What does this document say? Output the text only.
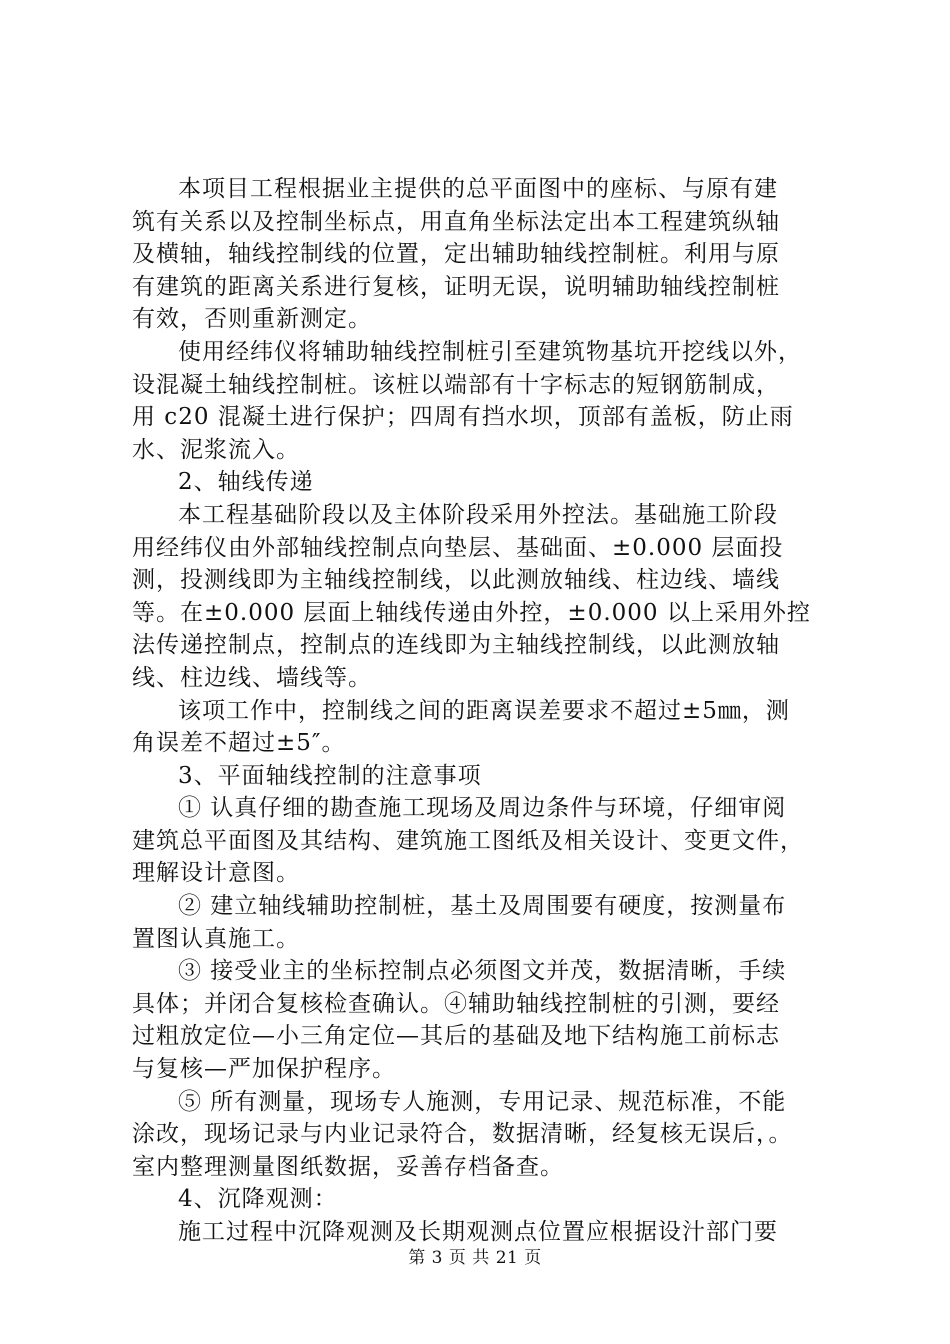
本项目工程根据业主提供的总平面图中的座标、与原有建
筑有关系以及控制坐标点，用直角坐标法定出本工程建筑纵轴
及横轴，轴线控制线的位置，定出辅助轴线控制桩。利用与原
有建筑的距离关系进行复核，证明无误，说明辅助轴线控制桩
有效，否则重新测定。
使用经纬仪将辅助轴线控制桩引至建筑物基坑开挖线以外，
设混凝土轴线控制桩。该桩以端部有十字标志的短钢筋制成，
用 c20 混凝土进行保护；四周有挡水坝，顶部有盖板，防止雨
水、泥浆流入。
2、轴线传递
本工程基础阶段以及主体阶段采用外控法。基础施工阶段
用经纬仪由外部轴线控制点向垫层、基础面、±0.000 层面投
测，投测线即为主轴线控制线，以此测放轴线、柱边线、墙线
等。在±0.000 层面上轴线传递由外控，±0.000 以上采用外控
法传递控制点，控制点的连线即为主轴线控制线，以此测放轴
线、柱边线、墙线等。
该项工作中，控制线之间的距离误差要求不超过±5㎜，测
角误差不超过±5″。
3、平面轴线控制的注意事项
① 认真仔细的勘查施工现场及周边条件与环境，仔细审阅
建筑总平面图及其结构、建筑施工图纸及相关设计、变更文件，
理解设计意图。
② 建立轴线辅助控制桩，基土及周围要有硬度，按测量布
置图认真施工。
③ 接受业主的坐标控制点必须图文并茂，数据清晰，手续
具体；并闭合复核检查确认。④辅助轴线控制桩的引测，要经
过粗放定位—小三角定位—其后的基础及地下结构施工前标志
与复核—严加保护程序。
⑤ 所有测量，现场专人施测，专用记录、规范标准，不能
涂改，现场记录与内业记录符合，数据清晰，经复核无误后，。
室内整理测量图纸数据，妥善存档备查。
4、沉降观测：
施工过程中沉降观测及长期观测点位置应根据设汁部门要
第 3 页 共 21 页
